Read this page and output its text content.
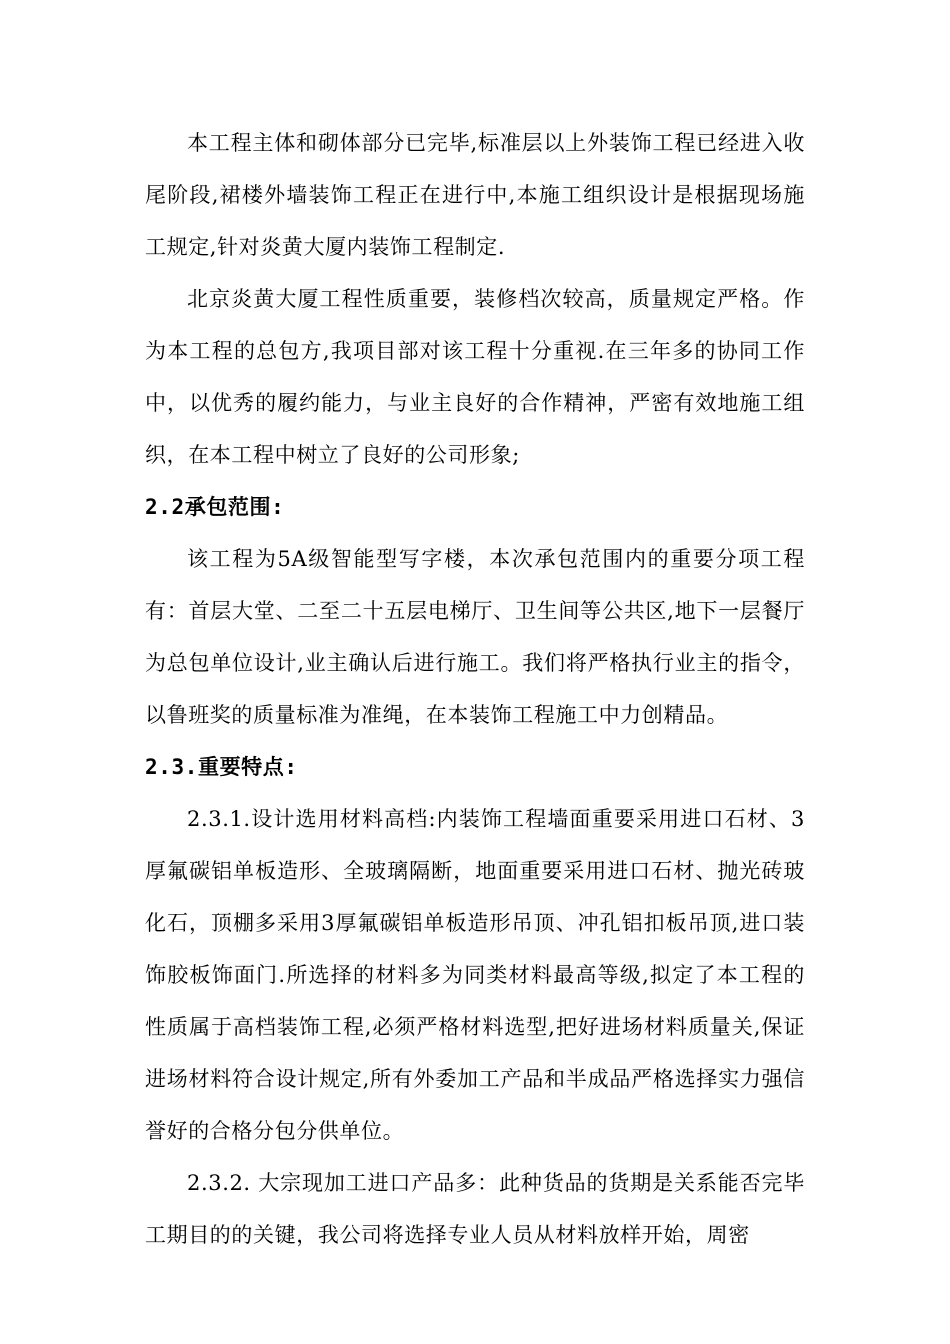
本工程主体和砌体部分已完毕,标准层以上外装饰工程已经进入收尾阶段,裙楼外墙装饰工程正在进行中,本施工组织设计是根据现场施工规定,针对炎黄大厦内装饰工程制定.

北京炎黄大厦工程性质重要，装修档次较高，质量规定严格。作为本工程的总包方,我项目部对该工程十分重视.在三年多的协同工作中，以优秀的履约能力，与业主良好的合作精神，严密有效地施工组织，在本工程中树立了良好的公司形象;

2.2承包范围:

该工程为5A级智能型写字楼，本次承包范围内的重要分项工程有：首层大堂、二至二十五层电梯厅、卫生间等公共区,地下一层餐厅为总包单位设计,业主确认后进行施工。我们将严格执行业主的指令，以鲁班奖的质量标准为准绳，在本装饰工程施工中力创精品。

2.3.重要特点:

2.3.1.设计选用材料高档:内装饰工程墙面重要采用进口石材、3厚氟碳铝单板造形、全玻璃隔断，地面重要采用进口石材、抛光砖玻化石，顶棚多采用3厚氟碳铝单板造形吊顶、冲孔铝扣板吊顶,进口装饰胶板饰面门.所选择的材料多为同类材料最高等级,拟定了本工程的性质属于高档装饰工程,必须严格材料选型,把好进场材料质量关,保证进场材料符合设计规定,所有外委加工产品和半成品严格选择实力强信誉好的合格分包分供单位。

2.3.2. 大宗现加工进口产品多：此种货品的货期是关系能否完毕工期目的的关键，我公司将选择专业人员从材料放样开始，周密
